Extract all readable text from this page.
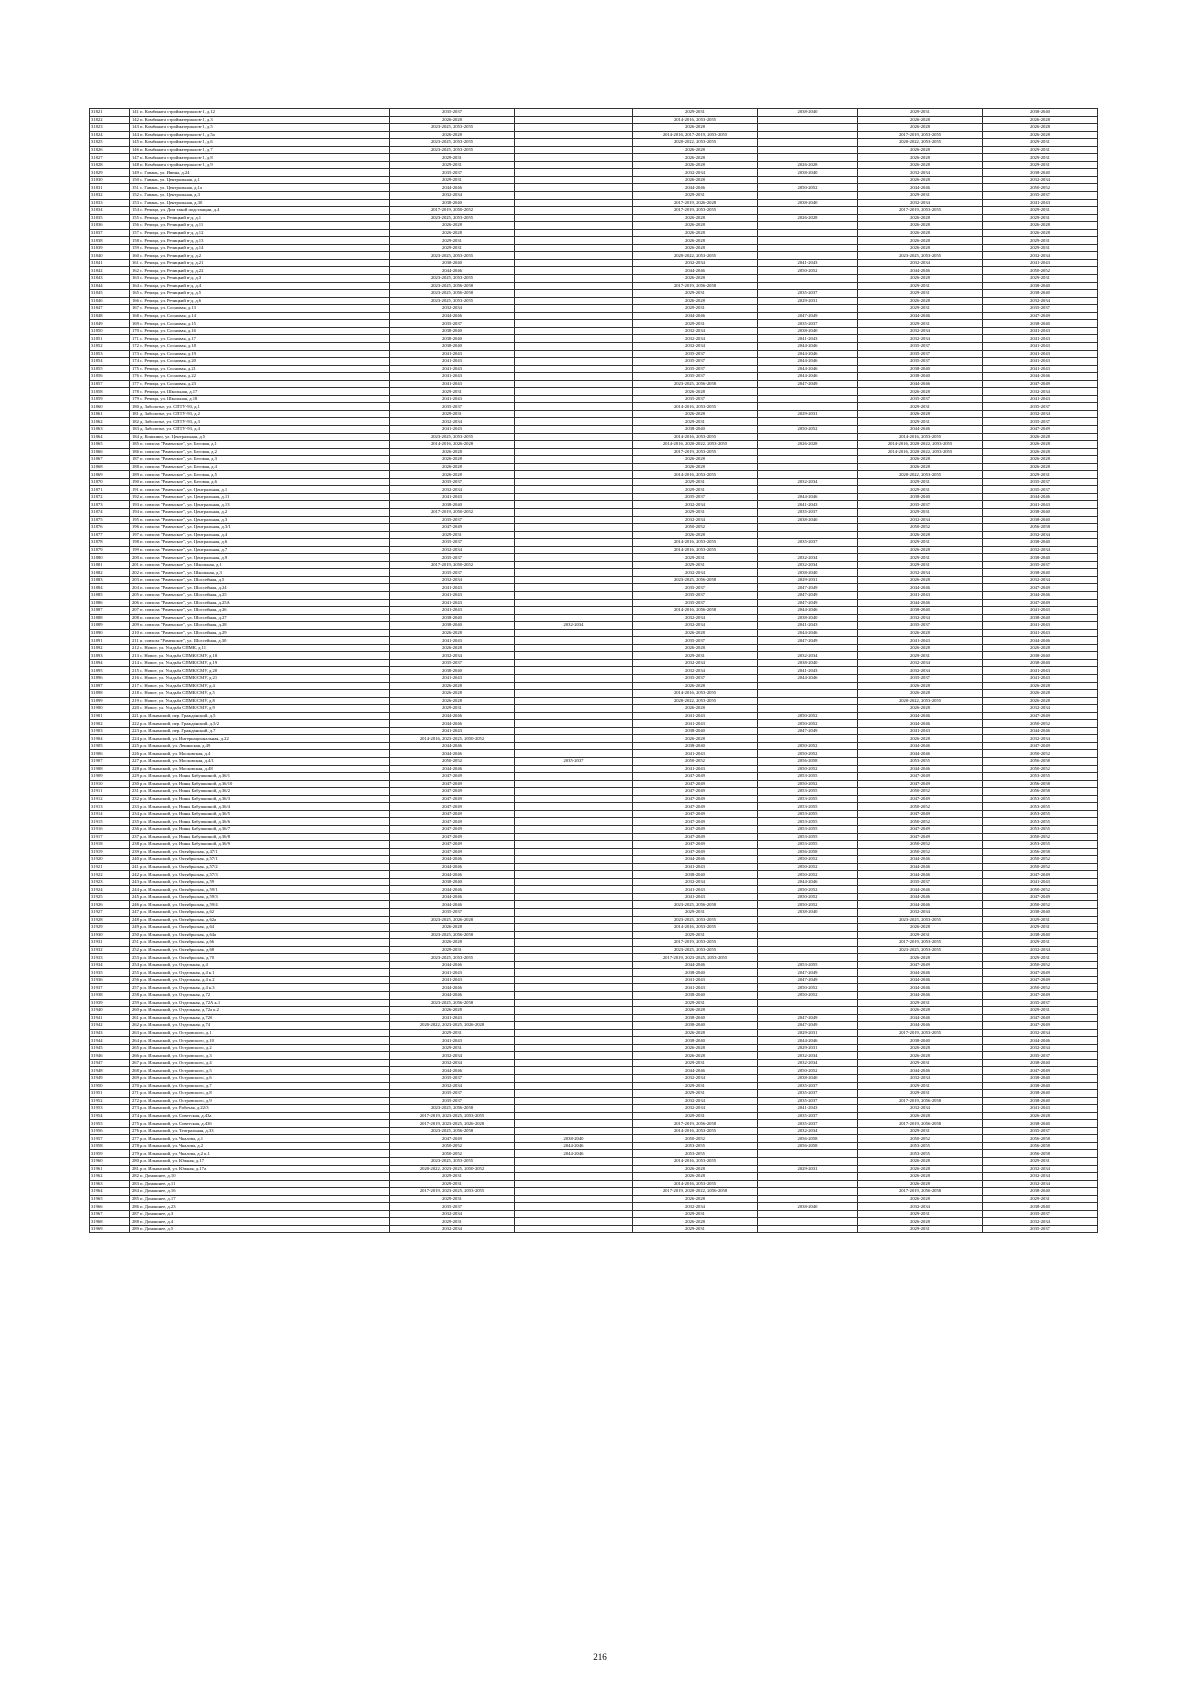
31821	141 п. Комбината стройматериалов-1, д.12	2035-2037		2029-2031	2038-2040	2029-2031	2038-2040
31822	142 п. Комбината стройматериалов-1, д.3	2026-2028		2014-2016, 2053-2055		2026-2028	2026-2028
31823	143 п. Комбината стройматериалов-1, д.5	2023-2025, 2053-2055		2026-2028		2026-2028	2026-2028
31824	144 п. Комбината стройматериалов-1, д.5а	2026-2028		2014-2016, 2017-2019, 2053-2055		2017-2019, 2053-2055	2026-2028
31825	145 п. Комбината стройматериалов-1, д.6	2023-2025, 2053-2055		2020-2022, 2053-2055		2020-2022, 2053-2055	2029-2031
31826	146 п. Комбината стройматериалов-1, д.7	2023-2025, 2053-2055		2026-2028		2026-2028	2029-2031
31827	147 п. Комбината стройматериалов-1, д.8	2029-2031		2026-2028		2026-2028	2029-2031
31828	148 п. Комбината стройматериалов-1, д.9	2029-2031		2026-2028	2026-2028	2026-2028	2029-2031
31829	149 с. Гавань, ул. Ивина, д.24	2035-2037		2032-2034	2038-2040	2032-2034	2038-2040
31830	150 с. Гавань, ул. Центральная, д.1	2029-2031		2026-2028		2026-2028	2032-2034
31831	151 с. Гавань, ул. Центральная, д.1а	2044-2046		2044-2046	2050-2052	2044-2046	2050-2052
31832	152 с. Гавань, ул. Центральная, д.3	2032-2034		2029-2031		2029-2031	2035-2037
31833	153 с. Гавань, ул. Центральная, д.30	2038-2040		2017-2019, 2026-2028	2038-2040	2032-2034	2041-2043
31834	154 с. Речица, ул. Дом такой подстанции, д.4	2017-2019, 2050-2052		2017-2019, 2053-2055		2017-2019, 2053-2055	2029-2031
31835	155 с. Речица, ул. Речицкий в-д, д.1	2023-2025, 2053-2055		2026-2028	2026-2028	2026-2028	2029-2031
31836	156 с. Речица, ул. Речицкий в-д, д.11	2026-2028		2026-2028		2026-2028	2026-2028
31837	157 с. Речица, ул. Речицкий в-д, д.12	2026-2028		2026-2028		2026-2028	2026-2028
31838	158 с. Речица, ул. Речицкий в-д, д.13	2029-2031		2026-2028		2026-2028	2029-2031
31839	159 с. Речица, ул. Речицкий в-д, д.14	2029-2031		2026-2028		2026-2028	2029-2031
31840	160 с. Речица, ул. Речицкий в-д, д.2	2023-2025, 2053-2055		2020-2022, 2053-2055		2023-2025, 2053-2055	2032-2034
31841	161 с. Речица, ул. Речицкий в-д, д.21	2038-2040		2032-2034	2041-2043	2032-2034	2041-2043
31842	162 с. Речица, ул. Речицкий в-д, д.22	2044-2046		2044-2046	2050-2052	2044-2046	2050-2052
31843	163 с. Речица, ул. Речицкий в-д, д.3	2023-2025, 2053-2055		2026-2028		2026-2028	2029-2031
31844	164 с. Речица, ул. Речицкий в-д, д.4	2023-2025, 2056-2058		2017-2019, 2056-2058		2029-2031	2038-2040
31845	165 с. Речица, ул. Речицкий в-д, д.5	2023-2025, 2056-2058		2029-2031	2035-2037	2029-2031	2038-2040
31846	166 с. Речица, ул. Речицкий в-д, д.6	2023-2025, 2053-2055		2026-2028	2029-2031	2026-2028	2032-2034
31847	167 с. Речица, ул. Сосновая, д.13	2032-2034		2029-2031		2029-2031	2035-2037
31848	168 с. Речица, ул. Сосновая, д.14	2044-2046		2044-2046	2047-2049	2044-2046	2047-2049
31849	169 с. Речица, ул. Сосновая, д.15	2035-2037		2029-2031	2035-2037	2029-2031	2038-2040
31850	170 с. Речица, ул. Сосновая, д.16	2038-2040		2032-2034	2038-2040	2032-2034	2041-2043
31851	171 с. Речица, ул. Сосновая, д.17	2038-2040		2032-2034	2041-2043	2032-2034	2041-2043
31852	172 с. Речица, ул. Сосновая, д.18	2038-2040		2032-2034	2044-2046	2035-2037	2041-2043
31853	173 с. Речица, ул. Сосновая, д.19	2041-2043		2035-2037	2044-2046	2035-2037	2041-2043
31854	174 с. Речица, ул. Сосновая, д.20	2041-2043		2035-2037	2044-2046	2035-2037	2041-2043
31855	175 с. Речица, ул. Сосновая, д.21	2041-2043		2035-2037	2044-2046	2038-2040	2041-2043
31856	176 с. Речица, ул. Сосновая, д.22	2041-2043		2035-2037	2044-2046	2038-2040	2044-2046
31857	177 с. Речица, ул. Сосновая, д.23	2041-2043		2023-2025, 2056-2058	2047-2049	2044-2046	2047-2049
31858	178 с. Речица, ул. Школьная, д.17	2029-2031		2026-2028		2026-2028	2032-2034
31859	179 с. Речица, ул. Школьная, д.18	2041-2043		2035-2037		2035-2037	2041-2043
31860	180 д. Заболотье, ул. СПТУ-93, д.1	2035-2037		2014-2016, 2053-2055		2029-2031	2035-2037
31861	181 д. Заболотье, ул. СПТУ-93, д.2	2029-2031		2026-2028	2029-2031	2026-2028	2032-2034
31862	182 д. Заболотье, ул. СПТУ-93, д.3	2032-2034		2029-2031		2029-2031	2035-2037
31863	183 д. Заболотье, ул. СПТУ-93, д.4	2041-2043		2038-2040	2050-2052	2044-2046	2047-2049
31864	184 д. Кошкино, ул. Центральная, д.5	2023-2025, 2053-2055		2014-2016, 2053-2055		2014-2016, 2053-2055	2026-2028
31865	185 п. совхоза "Раменское", ул. Беговая, д.1	2014-2016, 2026-2028		2014-2016, 2020-2022, 2053-2055	2026-2028	2014-2016, 2020-2022, 2053-2055	2026-2028
31866	186 п. совхоза "Раменское", ул. Беговая, д.2	2026-2028		2017-2019, 2053-2055		2014-2016, 2020-2022, 2053-2055	2026-2028
31867	187 п. совхоза "Раменское", ул. Беговая, д.3	2026-2028		2026-2028		2026-2028	2026-2028
31868	188 п. совхоза "Раменское", ул. Беговая, д.4	2026-2028		2026-2028		2026-2028	2026-2028
31869	189 п. совхоза "Раменское", ул. Беговая, д.5	2026-2028		2014-2016, 2053-2055		2020-2022, 2053-2055	2029-2031
31870	190 п. совхоза "Раменское", ул. Беговая, д.6	2035-2037		2029-2031	2032-2034	2029-2031	2035-2037
31871	191 п. совхоза "Раменское", ул. Центральная, д.1	2032-2034		2029-2031		2029-2031	2035-2037
31872	192 п. совхоза "Раменское", ул. Центральная, д.11	2041-2043		2035-2037	2044-2046	2038-2040	2044-2046
31873	193 п. совхоза "Раменское", ул. Центральная, д.13	2038-2040		2032-2034	2041-2043	2035-2037	2041-2043
31874	194 п. совхоза "Раменское", ул. Центральная, д.2	2017-2019, 2050-2052		2029-2031	2035-2037	2029-2031	2038-2040
31875	195 п. совхоза "Раменское", ул. Центральная, д.3	2035-2037		2032-2034	2038-2040	2032-2034	2038-2040
31876	196 п. совхоза "Раменское", ул. Центральная, д.3/1	2047-2049		2050-2052		2050-2052	2056-2058
31877	197 п. совхоза "Раменское", ул. Центральная, д.4	2029-2031		2026-2028		2026-2028	2032-2034
31878	198 п. совхоза "Раменское", ул. Центральная, д.6	2035-2037		2014-2016, 2053-2055	2035-2037	2029-2031	2038-2040
31879	199 п. совхоза "Раменское", ул. Центральная, д.7	2032-2034		2014-2016, 2053-2055		2026-2028	2032-2034
31880	200 п. совхоза "Раменское", ул. Центральная, д.9	2035-2037		2029-2031	2032-2034	2029-2031	2038-2040
31881	201 п. совхоза "Раменское", ул. Школьная, д.1	2017-2019, 2050-2052		2029-2031	2032-2034	2029-2031	2035-2037
31882	202 п. совхоза "Раменское", ул. Школьная, д.3	2035-2037		2032-2034	2038-2040	2032-2034	2038-2040
31883	203 п. совхоза "Раменское", ул. Шоссейная, д.5	2032-2034		2023-2025, 2056-2058	2029-2031	2026-2028	2032-2034
31884	204 п. совхоза "Раменское", ул. Шоссейная, д.24	2041-2043		2035-2037	2047-2049	2044-2046	2047-2049
31885	205 п. совхоза "Раменское", ул. Шоссейная, д.25	2041-2043		2035-2037	2047-2049	2041-2043	2044-2046
31886	206 п. совхоза "Раменское", ул. Шоссейная, д.25А	2041-2043		2035-2037	2047-2049	2044-2046	2047-2049
31887	207 п. совхоза "Раменское", ул. Шоссейная, д.26	2041-2043		2014-2016, 2056-2058	2044-2046	2038-2040	2041-2043
31888	208 п. совхоза "Раменское", ул. Шоссейная, д.27	2038-2040		2032-2034	2038-2040	2032-2034	2038-2040
31889	209 п. совхоза "Раменское", ул. Шоссейная, д.28	2038-2040	2032-2034	2032-2034	2041-2043	2035-2037	2041-2043
31890	210 п. совхоза "Раменское", ул. Шоссейная, д.29	2026-2028		2026-2028	2044-2046	2026-2028	2041-2043
31891	211 п. совхоза "Раменское", ул. Шоссейная, д.30	2041-2043		2035-2037	2047-2049	2041-2043	2044-2046
31892	212 с. Новое, ул. Усадьба СПМК, д.11	2026-2028		2026-2028		2026-2028	2026-2028
31893	213 с. Новое, ул. Усадьба СПМК/СМУ, д.18	2032-2034		2029-2031	2032-2034	2029-2031	2038-2040
31894	214 с. Новое, ул. Усадьба СПМК/СМУ, д.19	2035-2037		2032-2034	2038-2040	2032-2034	2038-2040
31895	215 с. Новое, ул. Усадьба СПМК/СМУ, д.20	2038-2040		2032-2034	2041-2043	2032-2034	2041-2043
31896	216 с. Новое, ул. Усадьба СПМК/СМУ, д.21	2041-2043		2035-2037	2044-2046	2035-2037	2041-2043
31897	217 с. Новое, ул. Усадьба СПМК/СМУ, д.4	2026-2028		2026-2028		2026-2028	2026-2028
31898	218 с. Новое, ул. Усадьба СПМК/СМУ, д.5	2026-2028		2014-2016, 2053-2055		2026-2028	2026-2028
31899	219 с. Новое, ул. Усадьба СПМК/СМУ, д.8	2026-2028		2020-2022, 2053-2055		2020-2022, 2053-2055	2026-2028
31900	220 с. Новое, ул. Усадьба СПМК/СМУ, д.9	2029-2031		2026-2028		2026-2028	2032-2034
31901	221 р.п. Ильинский, пер. Гражданский, д.5	2044-2046		2041-2043	2050-2052	2044-2046	2047-2049
31902	222 р.п. Ильинский, пер. Гражданский, д.5/2	2044-2046		2041-2043	2050-2052	2044-2046	2050-2052
31903	223 р.п. Ильинский, пер. Гражданский, д.7	2041-2043		2038-2040	2047-2049	2041-2043	2044-2046
31904	224 р.п. Ильинский, ул. Интернациональная, д.22	2014-2016, 2023-2025, 2050-2052		2026-2028		2026-2028	2032-2034
31905	225 р.п. Ильинский, ул. Ленинская, д.49	2044-2046		2038-2040	2050-2052	2044-2046	2047-2049
31906	226 р.п. Ильинский, ул. Московская, д.4	2044-2046		2041-2043	2050-2052	2044-2046	2050-2052
31907	227 р.п. Ильинский, ул. Московская, д.4/1	2050-2052	2035-2037	2050-2052	2056-2058	2053-2055	2056-2058
31908	228 р.п. Ильинский, ул. Московская, д.48	2044-2046		2041-2043	2050-2052	2044-2046	2050-2052
31909	229 р.п. Ильинский, ул. Нины Бабушкиной, д.36/1	2047-2049		2047-2049	2053-2055	2047-2049	2053-2055
31910	230 р.п. Ильинский, ул. Нины Бабушкиной, д.36/10	2047-2049		2047-2049	2050-2052	2047-2049	2056-2058
31911	231 р.п. Ильинский, ул. Нины Бабушкиной, д.36/2	2047-2049		2047-2049	2053-2055	2050-2052	2056-2058
31912	232 р.п. Ильинский, ул. Нины Бабушкиной, д.36/3	2047-2049		2047-2049	2053-2055	2047-2049	2053-2055
31913	233 р.п. Ильинский, ул. Нины Бабушкиной, д.36/4	2047-2049		2047-2049	2053-2055	2050-2052	2053-2055
31914	234 р.п. Ильинский, ул. Нины Бабушкиной, д.36/5	2047-2049		2047-2049	2053-2055	2047-2049	2053-2055
31915	235 р.п. Ильинский, ул. Нины Бабушкиной, д.36/6	2047-2049		2047-2049	2053-2055	2050-2052	2053-2055
31916	236 р.п. Ильинский, ул. Нины Бабушкиной, д.36/7	2047-2049		2047-2049	2053-2055	2047-2049	2053-2055
31917	237 р.п. Ильинский, ул. Нины Бабушкиной, д.36/8	2047-2049		2047-2049	2053-2055	2047-2049	2050-2052
31918	238 р.п. Ильинский, ул. Нины Бабушкиной, д.36/9	2047-2049		2047-2049	2053-2055	2050-2052	2053-2055
31919	239 р.п. Ильинский, ул. Октябрьская, д.47/1	2047-2049		2047-2049	2056-2058	2050-2052	2056-2058
31920	240 р.п. Ильинский, ул. Октябрьская, д.57/1	2044-2046		2044-2046	2050-2052	2044-2046	2050-2052
31921	241 р.п. Ильинский, ул. Октябрьская, д.57/2	2044-2046		2041-2043	2050-2052	2044-2046	2050-2052
31922	242 р.п. Ильинский, ул. Октябрьская, д.57/3	2044-2046		2038-2040	2050-2052	2044-2046	2047-2049
31923	243 р.п. Ильинский, ул. Октябрьская, д.59	2038-2040		2032-2034	2044-2046	2035-2037	2041-2043
31924	244 р.п. Ильинский, ул. Октябрьская, д.59/1	2044-2046		2041-2043	2050-2052	2044-2046	2050-2052
31925	245 р.п. Ильинский, ул. Октябрьская, д.59/3	2044-2046		2041-2043	2050-2052	2044-2046	2047-2049
31926	246 р.п. Ильинский, ул. Октябрьская, д.59/4	2044-2046		2023-2025, 2056-2058	2050-2052	2044-2046	2050-2052
31927	247 р.п. Ильинский, ул. Октябрьская, д.62	2035-2037		2029-2031	2038-2040	2032-2034	2038-2040
31928	248 р.п. Ильинский, ул. Октябрьская, д.62а	2023-2025, 2026-2028		2023-2025, 2053-2055		2023-2025, 2053-2055	2029-2031
31929	249 р.п. Ильинский, ул. Октябрьская, д.64	2026-2028		2014-2016, 2053-2055		2026-2028	2029-2031
31930	250 р.п. Ильинский, ул. Октябрьская, д.64а	2023-2025, 2056-2058		2029-2031		2029-2031	2038-2040
31931	251 р.п. Ильинский, ул. Октябрьская, д.66	2026-2028		2017-2019, 2053-2055		2017-2019, 2053-2055	2029-2031
31932	252 р.п. Ильинский, ул. Октябрьская, д.68	2029-2031		2023-2025, 2053-2055		2023-2025, 2053-2055	2032-2034
31933	253 р.п. Ильинский, ул. Октябрьская, д.70	2023-2025, 2053-2055		2017-2019, 2023-2025, 2053-2055		2026-2028	2029-2031
31934	254 р.п. Ильинский, ул. Отдельная, д.4	2044-2046		2044-2046	2053-2055	2047-2049	2050-2052
31935	255 р.п. Ильинский, ул. Отдельная, д.4 к.1	2041-2043		2038-2040	2047-2049	2044-2046	2047-2049
31936	256 р.п. Ильинский, ул. Отдельная, д.4 к.2	2041-2043		2041-2043	2047-2049	2044-2046	2047-2049
31937	257 р.п. Ильинский, ул. Отдельная, д.4 к.3	2044-2046		2041-2043	2050-2052	2044-2046	2050-2052
31938	258 р.п. Ильинский, ул. Отдельная, д.72	2044-2046		2038-2040	2050-2052	2044-2046	2047-2049
31939	259 р.п. Ильинский, ул. Отдельная, д.72А к.1	2023-2025, 2056-2058		2029-2031		2029-2031	2035-2037
31940	260 р.п. Ильинский, ул. Отдельная, д.72а к.2	2026-2028		2026-2028		2026-2028	2029-2031
31941	261 р.п. Ильинский, ул. Отдельная, д.72б	2041-2043		2038-2040	2047-2049	2044-2046	2047-2049
31942	262 р.п. Ильинский, ул. Отдельная, д.74	2020-2022, 2023-2025, 2026-2028		2038-2040	2047-2049	2044-2046	2047-2049
31943	263 р.п. Ильинский, ул. Островского, д.1	2029-2031		2026-2028	2029-2031	2017-2019, 2053-2055	2032-2034
31944	264 р.п. Ильинский, ул. Островского, д.10	2041-2043		2038-2040	2044-2046	2038-2040	2044-2046
31945	265 р.п. Ильинский, ул. Островского, д.2	2029-2031		2026-2028	2029-2031	2026-2028	2032-2034
31946	266 р.п. Ильинский, ул. Островского, д.3	2032-2034		2026-2028	2032-2034	2026-2028	2035-2037
31947	267 р.п. Ильинский, ул. Островского, д.4	2032-2034		2029-2031	2032-2034	2029-2031	2038-2040
31948	268 р.п. Ильинский, ул. Островского, д.5	2044-2046		2044-2046	2050-2052	2044-2046	2047-2049
31949	269 р.п. Ильинский, ул. Островского, д.6	2035-2037		2032-2034	2038-2040	2032-2034	2038-2040
31950	270 р.п. Ильинский, ул. Островского, д.7	2032-2034		2029-2031	2035-2037	2029-2031	2038-2040
31951	271 р.п. Ильинский, ул. Островского, д.8	2035-2037		2029-2031	2035-2037	2029-2031	2038-2040
31952	272 р.п. Ильинский, ул. Островского, д.9	2035-2037		2032-2034	2035-2037	2017-2019, 2056-2058	2038-2040
31953	273 р.п. Ильинский, ул. Рабочая, д.22/3	2023-2025, 2056-2058		2032-2034	2041-2043	2032-2034	2041-2043
31954	274 р.п. Ильинский, ул. Советская, д.43а	2017-2019, 2023-2025, 2053-2055		2029-2031	2035-2037	2026-2028	2026-2028
31955	275 р.п. Ильинский, ул. Советская, д.43б	2017-2019, 2023-2025, 2026-2028		2017-2019, 2056-2058	2035-2037	2017-2019, 2056-2058	2038-2040
31956	276 р.п. Ильинский, ул. Театральная, д.33	2023-2025, 2056-2058		2014-2016, 2053-2055	2032-2034	2029-2031	2035-2037
31957	277 р.п. Ильинский, ул. Чкалова, д.1	2047-2049	2038-2040	2050-2052	2056-2058	2050-2052	2056-2058
31958	278 р.п. Ильинский, ул. Чкалова, д.2	2050-2052	2044-2046	2053-2055	2056-2058	2053-2055	2056-2058
31959	279 р.п. Ильинский, ул. Чкалова, д.2 к.1	2050-2052	2044-2046	2053-2055		2053-2055	2056-2058
31960	280 р.п. Ильинский, ул. Южная, д.17	2023-2025, 2053-2055		2014-2016, 2053-2055		2026-2028	2029-2031
31961	281 р.п. Ильинский, ул. Южная, д.17а	2020-2022, 2023-2025, 2050-2052		2026-2028	2029-2031	2026-2028	2032-2034
31962	282 п. Домашнее, д.10	2029-2031		2026-2028		2026-2028	2032-2034
31963	283 п. Домашнее, д.11	2029-2031		2014-2016, 2053-2055		2026-2028	2032-2034
31964	284 п. Домашнее, д.16	2017-2019, 2023-2025, 2053-2055		2017-2019, 2020-2022, 2056-2058		2017-2019, 2056-2058	2038-2040
31965	285 п. Домашнее, д.17	2029-2031		2026-2028		2026-2028	2029-2031
31966	286 п. Домашнее, д.23	2035-2037		2032-2034	2038-2040	2032-2034	2038-2040
31967	287 п. Домашнее, д.3	2032-2034		2029-2031		2029-2031	2035-2037
31968	288 п. Домашнее, д.4	2029-2031		2026-2028		2026-2028	2032-2034
31969	289 п. Домашнее, д.5	2032-2034		2029-2031		2029-2031	2035-2037
216
